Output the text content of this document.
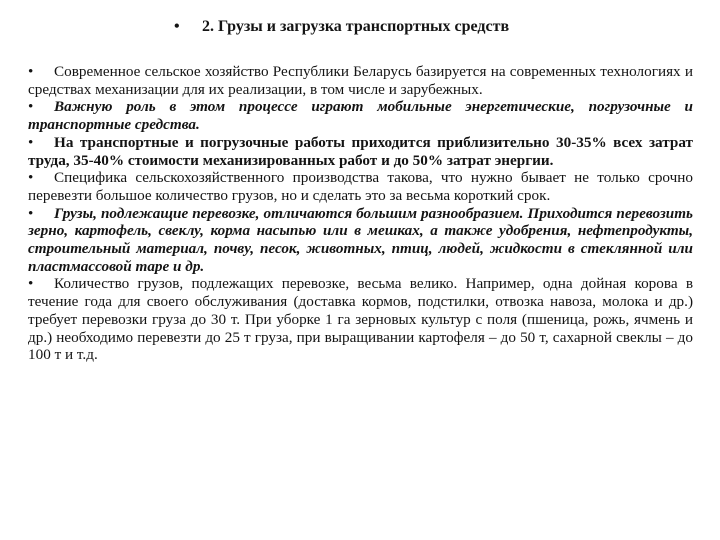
• 2. Грузы и загрузка транспортных средств

• Современное сельское хозяйство Республики Беларусь базируется на современных технологиях и средствах механизации для их реализации, в том числе и зарубежных.

• Важную роль в этом процессе играют мобильные энергетические, погрузочные и транспортные средства.

• На транспортные и погрузочные работы приходится приблизительно 30-35% всех затрат труда, 35-40% стоимости механизированных работ и до 50% затрат энергии.

• Специфика сельскохозяйственного производства такова, что нужно бывает не только срочно перевезти большое количество грузов, но и сделать это за весьма короткий срок.

• Грузы, подлежащие перевозке, отличаются большим разнообразием. Приходится перевозить зерно, картофель, свеклу, корма насыпью или в мешках, а также удобрения, нефтепродукты, строительный материал, почву, песок, животных, птиц, людей, жидкости в стеклянной или пластмассовой таре и др.

• Количество грузов, подлежащих перевозке, весьма велико. Например, одна дойная корова в течение года для своего обслуживания (доставка кормов, подстилки, отвозка навоза, молока и др.) требует перевозки груза до 30 т. При уборке 1 га зерновых культур с поля (пшеница, рожь, ячмень и др.) необходимо перевезти до 25 т груза, при выращивании картофеля – до 50 т, сахарной свеклы – до 100 т и т.д.
